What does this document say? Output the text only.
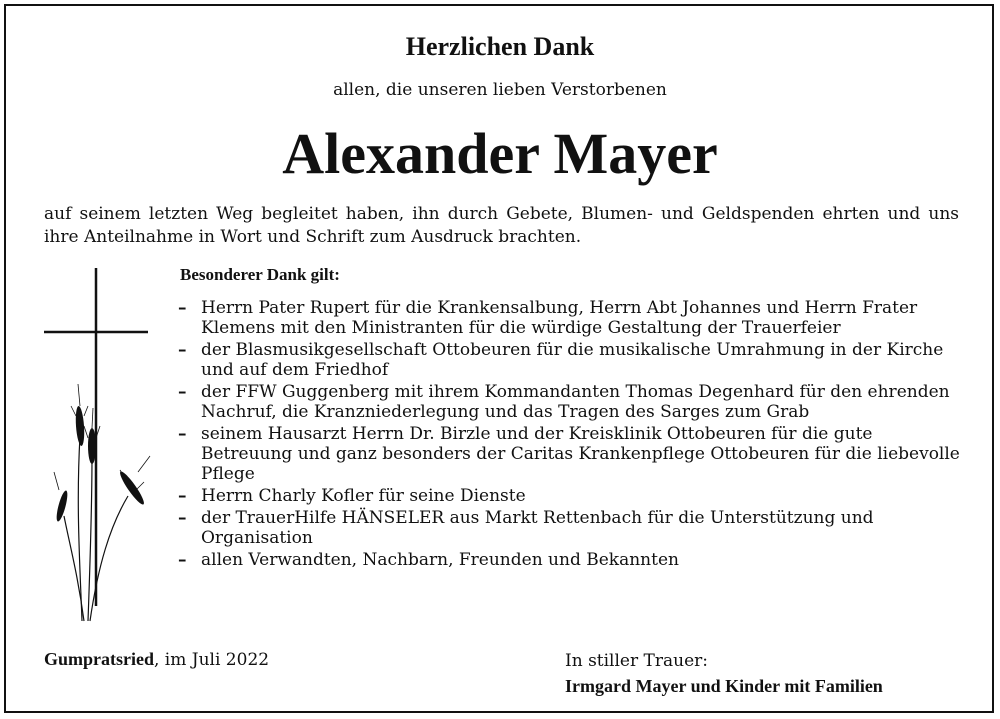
Herzlichen Dank

allen, die unseren lieben Verstorbenen

Alexander Mayer

auf seinem letzten Weg begleitet haben, ihn durch Gebete, Blumen- und Geldspenden ehrten und uns ihre Anteilnahme in Wort und Schrift zum Ausdruck brachten.

Besonderer Dank gilt:

– Herrn Pater Rupert für die Krankensalbung, Herrn Abt Johannes und Herrn Frater Klemens mit den Ministranten für die würdige Gestaltung der Trauerfeier
– der Blasmusikgesellschaft Ottobeuren für die musikalische Umrahmung in der Kirche und auf dem Friedhof
– der FFW Guggenberg mit ihrem Kommandanten Thomas Degenhard für den ehrenden Nachruf, die Kranzniederlegung und das Tragen des Sarges zum Grab
– seinem Hausarzt Herrn Dr. Birzle und der Kreisklinik Ottobeuren für die gute Betreuung und ganz besonders der Caritas Krankenpflege Ottobeuren für die liebevolle Pflege
– Herrn Charly Kofler für seine Dienste
– der TrauerHilfe HÄNSELER aus Markt Rettenbach für die Unterstützung und Organisation
– allen Verwandten, Nachbarn, Freunden und Bekannten

Gumpratsried, im Juli 2022	In stiller Trauer:
Irmgard Mayer und Kinder mit Familien
